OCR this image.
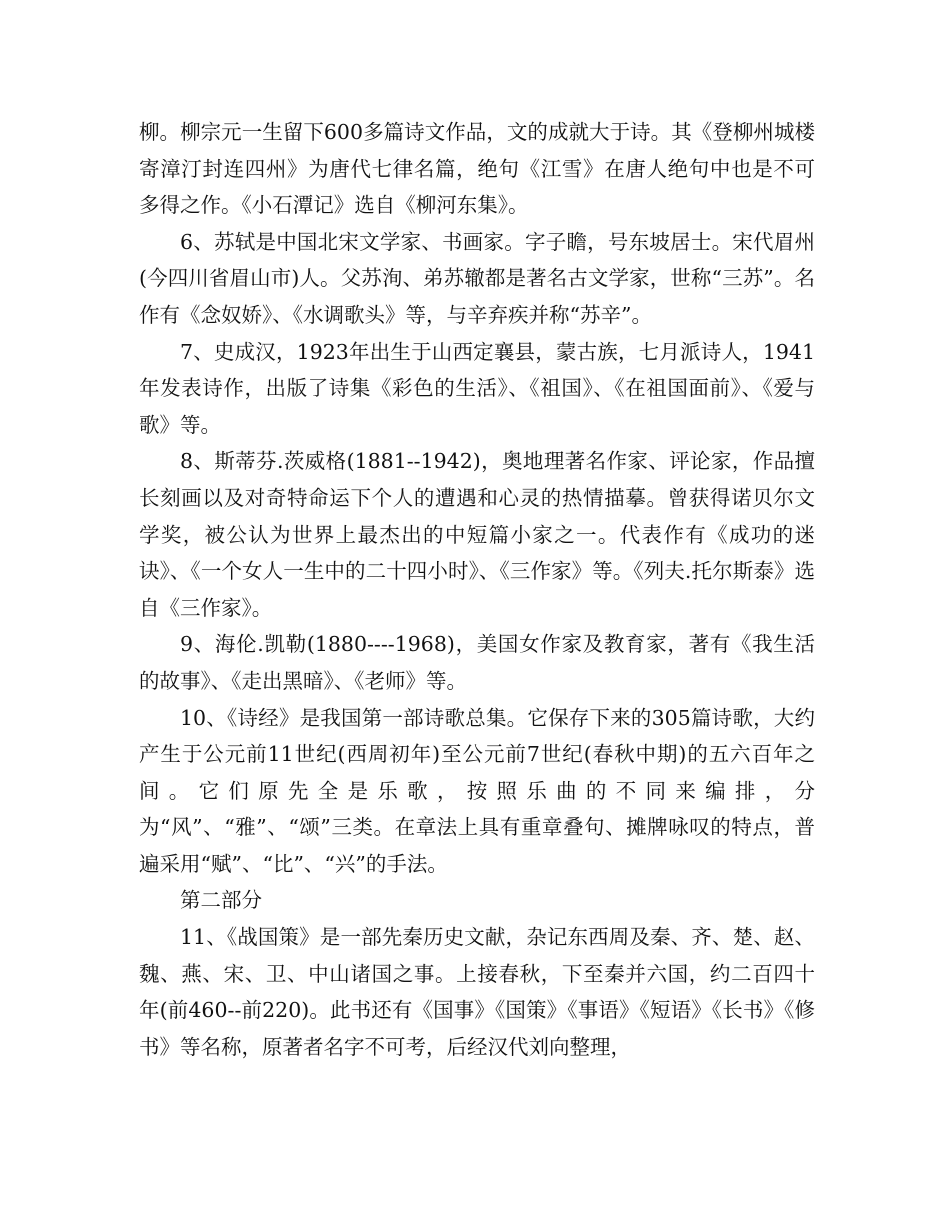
柳。柳宗元一生留下600多篇诗文作品，文的成就大于诗。其《登柳州城楼寄漳汀封连四州》为唐代七律名篇，绝句《江雪》在唐人绝句中也是不可多得之作。《小石潭记》选自《柳河东集》。

6、苏轼是中国北宋文学家、书画家。字子瞻，号东坡居士。宋代眉州(今四川省眉山市)人。父苏洵、弟苏辙都是著名古文学家，世称“三苏”。名作有《念奴娇》、《水调歌头》等，与辛弃疾并称“苏辛”。

7、史成汉，1923年出生于山西定襄县，蒙古族，七月派诗人，1941年发表诗作，出版了诗集《彩色的生活》、《祖国》、《在祖国面前》、《爱与歌》等。

8、斯蒂芬.茨威格(1881--1942)，奥地理著名作家、评论家，作品擅长刻画以及对奇特命运下个人的遭遇和心灵的热情描摹。曾获得诺贝尔文学奖，被公认为世界上最杰出的中短篇小家之一。代表作有《成功的迷诀》、《一个女人一生中的二十四小时》、《三作家》等。《列夫.托尔斯泰》选自《三作家》。

9、海伦.凯勒(1880----1968)，美国女作家及教育家，著有《我生活的故事》、《走出黑暗》、《老师》等。

10、《诗经》是我国第一部诗歌总集。它保存下来的305篇诗歌，大约产生于公元前11世纪(西周初年)至公元前7世纪(春秋中期)的五六百年之间。它们原先全是乐歌，按照乐曲的不同来编排，分为“风”、“雅”、“颂”三类。在章法上具有重章叠句、摊牌咏叹的特点，普遍采用“赋”、“比”、“兴”的手法。

第二部分

11、《战国策》是一部先秦历史文献，杂记东西周及秦、齐、楚、赵、魏、燕、宋、卫、中山诸国之事。上接春秋，下至秦并六国，约二百四十年(前460--前220)。此书还有《国事》《国策》《事语》《短语》《长书》《修书》等名称，原著者名字不可考，后经汉代刘向整理，
